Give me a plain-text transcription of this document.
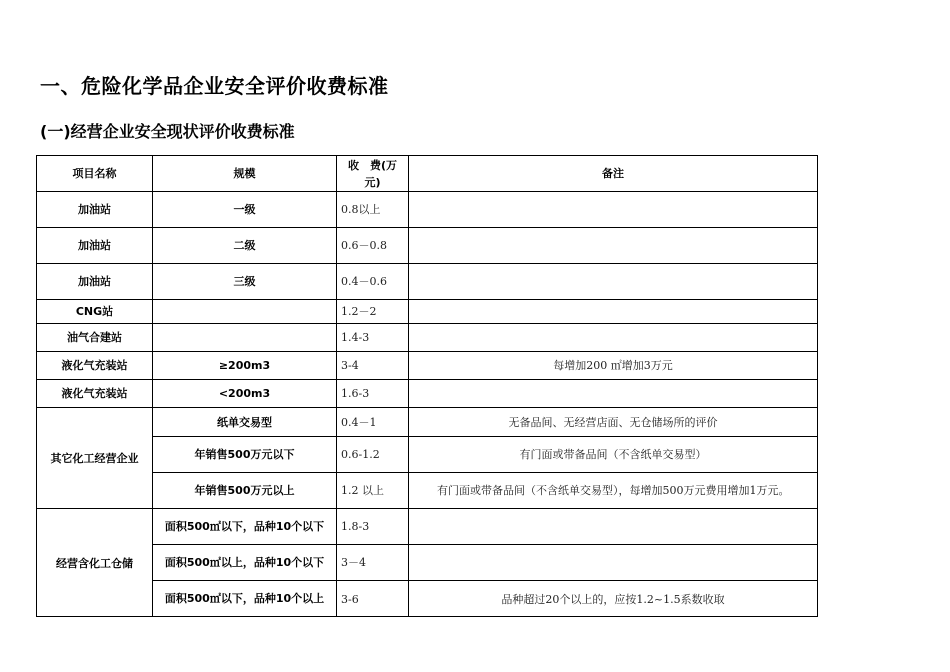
一、危险化学品企业安全评价收费标准
(一)经营企业安全现状评价收费标准
项目名称	规模	收　费(万元)	备注
加油站	一级	0.8以上	
加油站	二级	0.6－0.8	
加油站	三级	0.4－0.6	
CNG站		1.2－2	
油气合建站		1.4-3	
液化气充装站	≥200m3	3-4	每增加200 ㎡增加3万元
液化气充装站	<200m3	1.6-3	
其它化工经营企业	纸单交易型	0.4－1	无备品间、无经营店面、无仓储场所的评价
	年销售500万元以下	0.6-1.2	有门面或带备品间（不含纸单交易型）
	年销售500万元以上	1.2 以上	有门面或带备品间（不含纸单交易型），每增加500万元费用增加1万元。
经营含化工仓储	面积500㎡以下，品种10个以下	1.8-3	
	面积500㎡以上，品种10个以下	3－4	
	面积500㎡以下，品种10个以上	3-6	品种超过20个以上的，应按1.2~1.5系数收取
